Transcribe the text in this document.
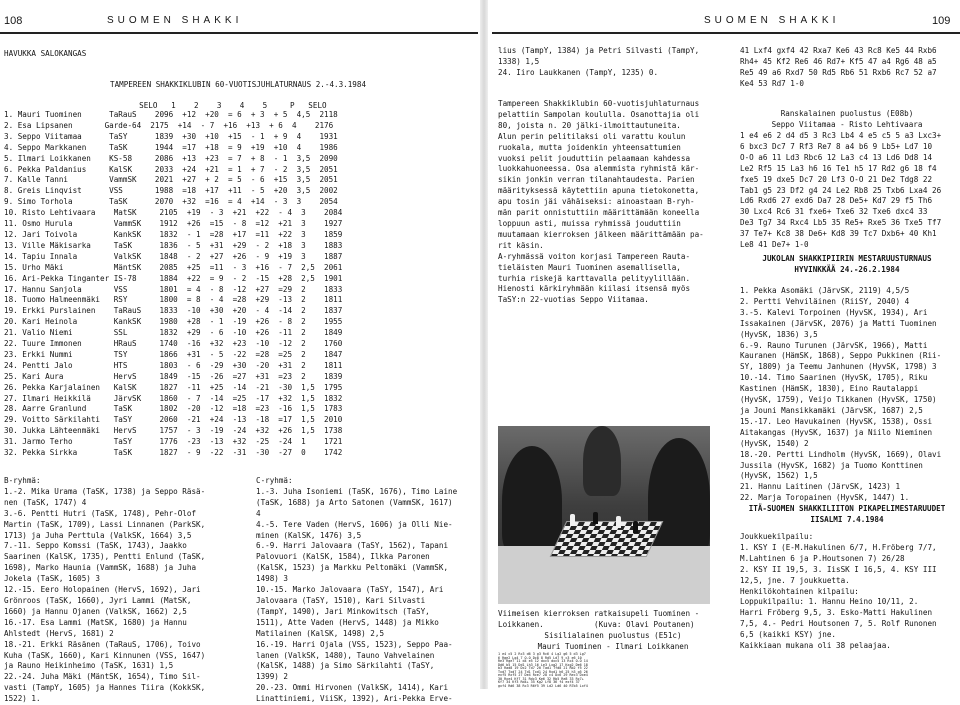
108	SUOMEN SHAKKI	SUOMEN SHAKKI	109
HAVUKKA SALOKANGAS
TAMPEREEN SHAKKIKLUBIN 60-VUOTISJUHLATURNAUS 2.-4.3.1984
SELO   1    2    3    4    5     P   SELO
1. Mauri Tuominen      TaRauS    2096  +12  +20  = 6  + 3  + 5  4,5  2118
2. Esa Lipsanen       Garde-64  2175  +14  - 7  +16  +13  + 6  4    2176
3. Seppo Viitamaa      TaSY      1839  +30  +10  +15  - 1  + 9  4    1931
4. Seppo Markkanen     TaSK      1944  =17  +18  = 9  +19  +10  4    1986
5. Ilmari Loikkanen    KS-58     2086  +13  +23  = 7  + 8  - 1  3,5  2090
6. Pekka Paldanius     KalSK     2033  +24  +21  = 1  + 7  - 2  3,5  2051
7. Kalle Tanni         VammSK    2021  +27  + 2  = 5  - 6  +15  3,5  2051
8. Greis Linqvist      VSS       1988  =18  +17  +11  - 5  +20  3,5  2002
9. Simo Torhola        TaSK      2070  +32  =16  = 4  +14  - 3  3    2054
10. Risto Lehtivaara    MatSK     2105  +19  - 3  +21  +22  - 4  3    2084
11. Osmo Hurula         VammSK    1912  +26  =15  - 8  =12  +21  3    1927
12. Jari Toivola        KankSK    1832  - 1  =28  +17  =11  +22  3    1859
13. Ville Mäkisarka     TaSK      1836  - 5  +31  +29  - 2  +18  3    1883
14. Tapiu Innala        ValkSK    1848  - 2  +27  +26  - 9  +19  3    1887
15. Urho Mäki           MäntSK    2085  +25  =11  - 3  +16  - 7  2,5  2061
16. Ari-Pekka Tinganter IS-78     1884  +22  = 9  - 2  -15  +28  2,5  1901
17. Hannu Sanjola       VSS       1801  = 4  - 8  -12  +27  =29  2    1833
18. Tuomo Halmeenmäki   RSY       1800  = 8  - 4  =28  +29  -13  2    1811
19. Erkki Purslainen    TaRauS    1833  -10  +30  +20  - 4  -14  2    1837
20. Kari Heinola        KankSK    1980  +28  - 1  -19  +26  - 8  2    1955
21. Valio Niemi         SSL       1832  +29  - 6  -10  +26  -11  2    1849
22. Tuure Immonen       HRauS     1740  -16  +32  +23  -10  -12  2    1760
23. Erkki Nummi         TSY       1866  +31  - 5  -22  =28  =25  2    1847
24. Pentti Jalo         HTS       1803  - 6  -29  +30  -20  +31  2    1811
25. Kari Aura           HervS     1849  -15  -26  =27  +31  =23  2    1839
26. Pekka Karjalainen   KalSK     1827  -11  +25  -14  -21  -30  1,5  1795
27. Ilmari Heikkilä     JärvSK    1860  - 7  -14  =25  -17  +32  1,5  1832
28. Aarre Granlund      TaSK      1802  -20  -12  =18  =23  -16  1,5  1783
29. Voitto Särkilahti   TaSY      2060  -21  +24  -13  -18  =17  1,5  2010
30. Jukka Lähteenmäki   HervS     1757  - 3  -19  -24  +32  +26  1,5  1738
31. Jarmo Terho         TaSY      1776  -23  -13  +32  -25  -24  1    1721
32. Pekka Sirkka        TaSK      1827  - 9  -22  -31  -30  -27  0    1742
B-ryhmä:
1.-2. Mika Urama (TaSK, 1738) ja Seppo Räsä-
nen (TaSK, 1747) 4
3.-6. Pentti Hutri (TaSK, 1748), Pehr-Olof
Martin (TaSK, 1709), Lassi Linnanen (ParkSK,
1713) ja Juha Perttula (ValkSK, 1664) 3,5
7.-11. Seppo Komssi (TaSK, 1743), Jaakko
Saarinen (KalSK, 1735), Pentti Enlund (TaSK,
1698), Marko Haunia (VammSK, 1688) ja Juha
Jokela (TaSK, 1605) 3
12.-15. Eero Holopainen (HervS, 1692), Jari
Grönroos (TaSK, 1660), Jyri Lammi (MatSK,
1660) ja Hannu Ojanen (ValkSK, 1662) 2,5
16.-17. Esa Lammi (MatSK, 1680) ja Hannu
Ahlstedt (HervS, 1681) 2
18.-21. Erkki Räsänen (TaRauS, 1706), Toivo
Kuha (TaSK, 1660), Kari Kinnunen (VSS, 1647)
ja Rauno Heikinheimo (TaSK, 1631) 1,5
22.-24. Juha Mäki (MäntSK, 1654), Timo Sil-
vasti (TampY, 1605) ja Hannes Tiira (KokkSK,
1522) 1.
C-ryhmä:
1.-3. Juha Isoniemi (TaSK, 1676), Timo Laine
(TaSK, 1688) ja Arto Satonen (VammSK, 1617)
4
4.-5. Tere Vaden (HervS, 1606) ja Olli Nie-
minen (KalSK, 1476) 3,5
6.-9. Harri Jalovaara (TaSY, 1562), Tapani
Palovuori (KalSK, 1584), Ilkka Paronen
(KalSK, 1523) ja Markku Peltomäki (VammSK,
1498) 3
10.-15. Marko Jalovaara (TaSY, 1547), Ari
Jalovaara (TaSY, 1510), Kari Silvasti
(TampY, 1490), Jari Minkowitsch (TaSY,
1511), Atte Vaden (HervS, 1448) ja Mikko
Matilainen (KalSK, 1498) 2,5
16.-19. Harri Ojala (VSS, 1523), Seppo Paa-
lanen (ValkSK, 1480), Tauno Vahvelainen
(KalSK, 1488) ja Simo Särkilahti (TaSY,
1399) 2
20.-23. Ommi Hirvonen (ValkSK, 1414), Kari
Linattiniemi, ViiSK, 1392), Ari-Pekka Erve-
lius (TampY, 1384) ja Petri Silvasti (TampY,
1338) 1,5
24. Iiro Laukkanen (TampY, 1235) 0.
Tampereen Shakkiklubin 60-vuotisjuhlaturnaus
pelattiin Sampolan koululla. Osanottajia oli
80, joista n. 20 jälki-ilmoittautuneita.
Alun perin pelitilaksi oli varattu koulun
ruokala, mutta joidenkin yhteensattumien
vuoksi pelit jouduttiin pelaamaan kahdessa
luokkahuoneessa. Osa alemmista ryhmistä kär-
sikin jonkin verran tilanahtaudesta. Parien
määrityksessä käytettiin apuna tietokonetta,
apu tosin jäi vähäiseksi: ainoastaan B-ryh-
män parit onnistuttiin määrittämään koneella
loppuun asti, muissa ryhmissä jouduttiin
muutamaan kierroksen jälkeen määrittämään pa-
rit käsin.
A-ryhmässä voiton korjasi Tampereen Rauta-
tieläisten Mauri Tuominen asemallisella,
turhia riskejä karttavalla pelityylillään.
Hienosti kärkiryhmään kiilasi itsensä myös
TaSY:n 22-vuotias Seppo Viitamaa.
Viimeisen kierroksen ratkaisupeli Tuominen -
Loikkanen.           (Kuva: Olavi Poutanen)
41 Lxf4 gxf4 42 Rxa7 Ke6 43 Rc8 Ke5 44 Rxb6
Rh4+ 45 Kf2 Re6 46 Rd7+ Kf5 47 a4 Rg6 48 a5
Re5 49 a6 Rxd7 50 Rd5 Rb6 51 Rxb6 Rc7 52 a7
Ke4 53 Rd7 1-0
Ranskalainen puolustus (E08b)
Seppo Viitamaa - Risto Lehtivaara
1 e4 e6 2 d4 d5 3 Rc3 Lb4 4 e5 c5 5 a3 Lxc3+
6 bxc3 Dc7 7 Rf3 Re7 8 a4 b6 9 Lb5+ Ld7 10
O-O a6 11 Ld3 Rbc6 12 La3 c4 13 Ld6 Dd8 14
Le2 Rf5 15 La3 h6 16 Te1 h5 17 Rd2 g6 18 f4
fxe5 19 dxe5 Dc7 20 Lf3 O-O 21 De2 Tdg8 22
Tab1 g5 23 Df2 g4 24 Le2 Rb8 25 Txb6 Lxa4 26
Ld6 Rxd6 27 exd6 Da7 28 De5+ Kd7 29 f5 Th6
30 Lxc4 Rc6 31 fxe6+ Txe6 32 Txe6 dxc4 33
De3 Tg7 34 Rxc4 Lb5 35 Re5+ Rxe5 36 Txe5 Tf7
37 Te7+ Kc8 38 De6+ Kd8 39 Tc7 Dxb6+ 40 Kh1
Le8 41 De7+ 1-0
JUKOLAN SHAKKIPIIRIN MESTARUUSTURNAUS
HYVINKKÄÄ 24.-26.2.1984
1. Pekka Asomäki (JärvSK, 2119) 4,5/5
2. Pertti Vehviläinen (RiiSY, 2040) 4
3.-5. Kalevi Torpoinen (HyvSK, 1934), Ari
Issakainen (JärvSK, 2076) ja Matti Tuominen
(HyvSK, 1836) 3,5
6.-9. Rauno Turunen (JärvSK, 1966), Matti
Kauranen (HämSK, 1868), Seppo Pukkinen (Rii-
SY, 1809) ja Teemu Janhunen (HyvSK, 1798) 3
10.-14. Timo Saarinen (HyvSK, 1705), Riku
Kastinen (HämSK, 1830), Eino Rautalappi
(HyvSK, 1759), Veijo Tikkanen (HyvSK, 1750)
ja Jouni Mansikkamäki (JärvSK, 1687) 2,5
15.-17. Leo Havukainen (HyvSK, 1538), Ossi
Aitakangas (HyvSK, 1637) ja Niilo Nieminen
(HyvSK, 1540) 2
18.-20. Pertti Lindholm (HyvSK, 1669), Olavi
Jussila (HyvSK, 1682) ja Tuomo Konttinen
(HyvSK, 1562) 1,5
21. Hannu Laitinen (JärvSK, 1423) 1
22. Marja Toropainen (HyvSK, 1447) 1.
ITÄ-SUOMEN SHAKKILIITON PIKAPELIMESTARUUDET
IISALMI 7.4.1984
Joukkuekilpailu:
1. KSY I (E-M.Hakulinen 6/7, H.Fröberg 7/7,
M.Lahtinen 6 ja P.Houtsonen 7) 26/28
2. KSY II 19,5, 3. IisSK I 16,5, 4. KSY III
12,5, jne. 7 joukkuetta.
Henkilökohtainen kilpailu:
Loppukilpailu: 1. Hannu Heino 10/11, 2.
Harri Fröberg 9,5, 3. Esko-Matti Hakulinen
7,5, 4.- Pedri Houtsonen 7, 5. Rolf Runonen
6,5 (kaikki KSY) jne.
Kaikkiaan mukana oli 38 pelaajaa.
Sisilialainen puolustus (E51c)
Mauri Tuominen - Ilmari Loikkanen
1 e4 c5 2 Rc3 d6 3 g3 Rc6 4 Lg2 g6 5 d3 Lg7
6 Rge2 Lg4 7 O-O Dc8 8 Rd5 Ld7 9 c3 e6 10
Re3 Rge7 11 d4 e5 12 dxc5 dxc5 13 Rc4 O-O 14
Dd6 b5 15 Dd1 Lh3 16 Le3 Lxg2 17 Kxg2 De6 18
b3 Rad8 19 Dc2 Td7 20 Tad1 Tfd8 21 Rb2 f5 22
Txd7 Txd7 24 Td1 Txd1 24 Rxd1 h6 25 h3 g5 26
exf5 Rxf5 27 De4 Rce7 28 c4 Dc6 29 Rec3 Dxe4
30 Rxe4 Kf7 31 Rdc3 Ke6 32 Rb5 Re8 33 Rc7+
Kf7 34 Kf3 Rd4+ 35 Kg2 Lf8 36 f4 exf4 37
gxf4 Rd6 38 Rc3 R6f5 39 Ld2 Ld6 40 R7b5 Lxf4
